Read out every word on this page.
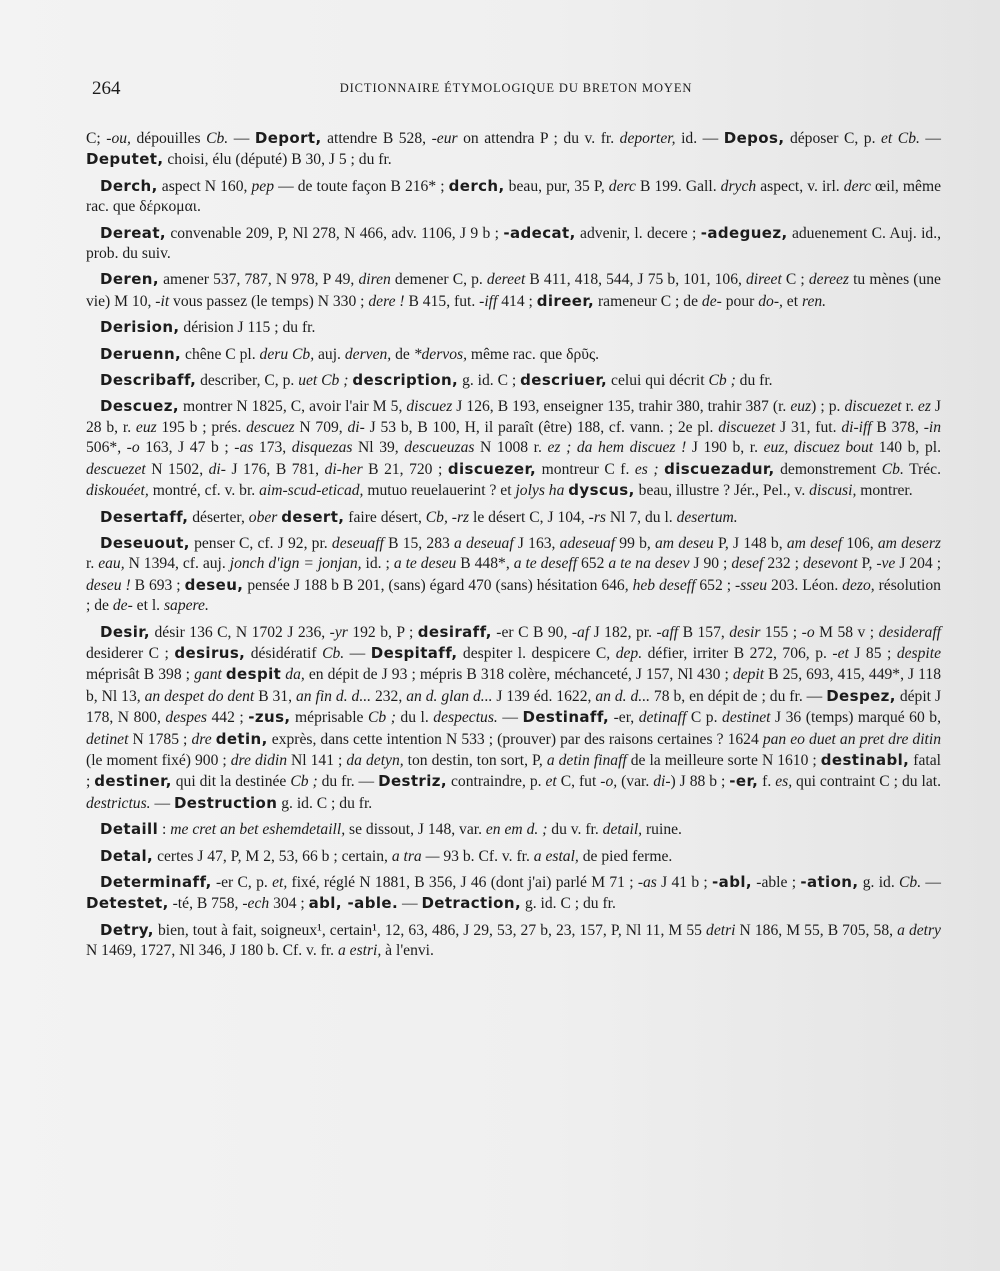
264	DICTIONNAIRE ÉTYMOLOGIQUE DU BRETON MOYEN

C; -ou, dépouilles Cb. — Deport, attendre B 528, -eur on attendra P ; du v. fr. deporter, id. — Depos, déposer C, p. et Cb. — Deputet, choisi, élu (député) B 30, J 5 ; du fr.

Derch, aspect N 160, pep — de toute façon B 216* ; derch, beau, pur, 35 P, derc B 199. Gall. drych aspect, v. irl. derc œil, même rac. que δέρκομαι.

Dereat, convenable 209, P, Nl 278, N 466, adv. 1106, J 9 b ; -adecat, advenir, l. decere ; -adeguez, aduenement C. Auj. id., prob. du suiv.

Deren, amener 537, 787, N 978, P 49, diren demener C, p. dereet B 411, 418, 544, J 75 b, 101, 106, direet C ; dereez tu mènes (une vie) M 10, -it vous passez (le temps) N 330 ; dere ! B 415, fut. -iff 414 ; direer, rameneur C ; de de- pour do-, et ren.

Derision, dérision J 115 ; du fr.

Deruenn, chêne C pl. deru Cb, auj. derven, de *dervos, même rac. que δρῦς.

Describaff, describer, C, p. uet Cb ; description, g. id. C ; descriuer, celui qui décrit Cb ; du fr.

Descuez, montrer N 1825, C, avoir l'air M 5, discuez J 126, B 193, enseigner 135, trahir 380, trahir 387 (r. euz) ; p. discuezet r. ez J 28 b, r. euz 195 b ; prés. descuez N 709, di- J 53 b, B 100, H, il paraît (être) 188, cf. vann. ; 2e pl. discuezet J 31, fut. di-iff B 378, -in 506*, -o 163, J 47 b ; -as 173, disquezas Nl 39, descueuzas N 1008 r. ez ; da hem discuez ! J 190 b, r. euz, discuez bout 140 b, pl. descuezet N 1502, di- J 176, B 781, di-her B 21, 720 ; discuezer, montreur C f. es ; discuezadur, demonstrement Cb. Tréc. diskouéet, montré, cf. v. br. aim-scud-eticad, mutuo reuelauerint ? et jolys ha dyscus, beau, illustre ? Jér., Pel., v. discusi, montrer.

Desertaff, déserter, ober desert, faire désert, Cb, -rz le désert C, J 104, -rs Nl 7, du l. desertum.

Deseuout, penser C, cf. J 92, pr. deseuaff B 15, 283 a deseuaf J 163, adeseuaf 99 b, am deseu P, J 148 b, am desef 106, am deserz r. eau, N 1394, cf. auj. jonch d'ign = jonjan, id. ; a te deseu B 448*, a te deseff 652 a te na desev J 90 ; desef 232 ; desevont P, -ve J 204 ; deseu ! B 693 ; deseu, pensée J 188 b B 201, (sans) égard 470 (sans) hésitation 646, heb deseff 652 ; -sseu 203. Léon. dezo, résolution ; de de- et l. sapere.

Desir, désir 136 C, N 1702 J 236, -yr 192 b, P ; desiraff, -er C B 90, -af J 182, pr. -aff B 157, desir 155 ; -o M 58 v ; desideraff desiderer C ; desirus, désidératif Cb. — Despitaff, despiter l. despicere C, dep. défier, irriter B 272, 706, p. -et J 85 ; despite méprisât B 398 ; gant despit da, en dépit de J 93 ; mépris B 318 colère, méchanceté, J 157, Nl 430 ; depit B 25, 693, 415, 449*, J 118 b, Nl 13, an despet do dent B 31, an fin d. d... 232, an d. glan d... J 139 éd. 1622, an d. d... 78 b, en dépit de ; du fr. — Despez, dépit J 178, N 800, despes 442 ; -zus, méprisable Cb ; du l. despectus. — Destinaff, -er, detinaff C p. destinet J 36 (temps) marqué 60 b, detinet N 1785 ; dre detin, exprès, dans cette intention N 533 ; (prouver) par des raisons certaines ? 1624 pan eo duet an pret dre ditin (le moment fixé) 900 ; dre didin Nl 141 ; da detyn, ton destin, ton sort, P, a detin finaff de la meilleure sorte N 1610 ; destinabl, fatal ; destiner, qui dit la destinée Cb ; du fr. — Destriz, contraindre, p. et C, fut -o, (var. di-) J 88 b ; -er, f. es, qui contraint C ; du lat. destrictus. — Destruction g. id. C ; du fr.

Detaill : me cret an bet eshemdetaill, se dissout, J 148, var. en em d. ; du v. fr. detail, ruine.

Detal, certes J 47, P, M 2, 53, 66 b ; certain, a tra — 93 b. Cf. v. fr. a estal, de pied ferme.

Determinaff, -er C, p. et, fixé, réglé N 1881, B 356, J 46 (dont j'ai) parlé M 71 ; -as J 41 b ; -abl, -able ; -ation, g. id. Cb. — Detestet, -té, B 758, -ech 304 ; abl, -able. — Detraction, g. id. C ; du fr.

Detry, bien, tout à fait, soigneux¹, certain¹, 12, 63, 486, J 29, 53, 27 b, 23, 157, P, Nl 11, M 55 detri N 186, M 55, B 705, 58, a detry N 1469, 1727, Nl 346, J 180 b. Cf. v. fr. a estri, à l'envi.
